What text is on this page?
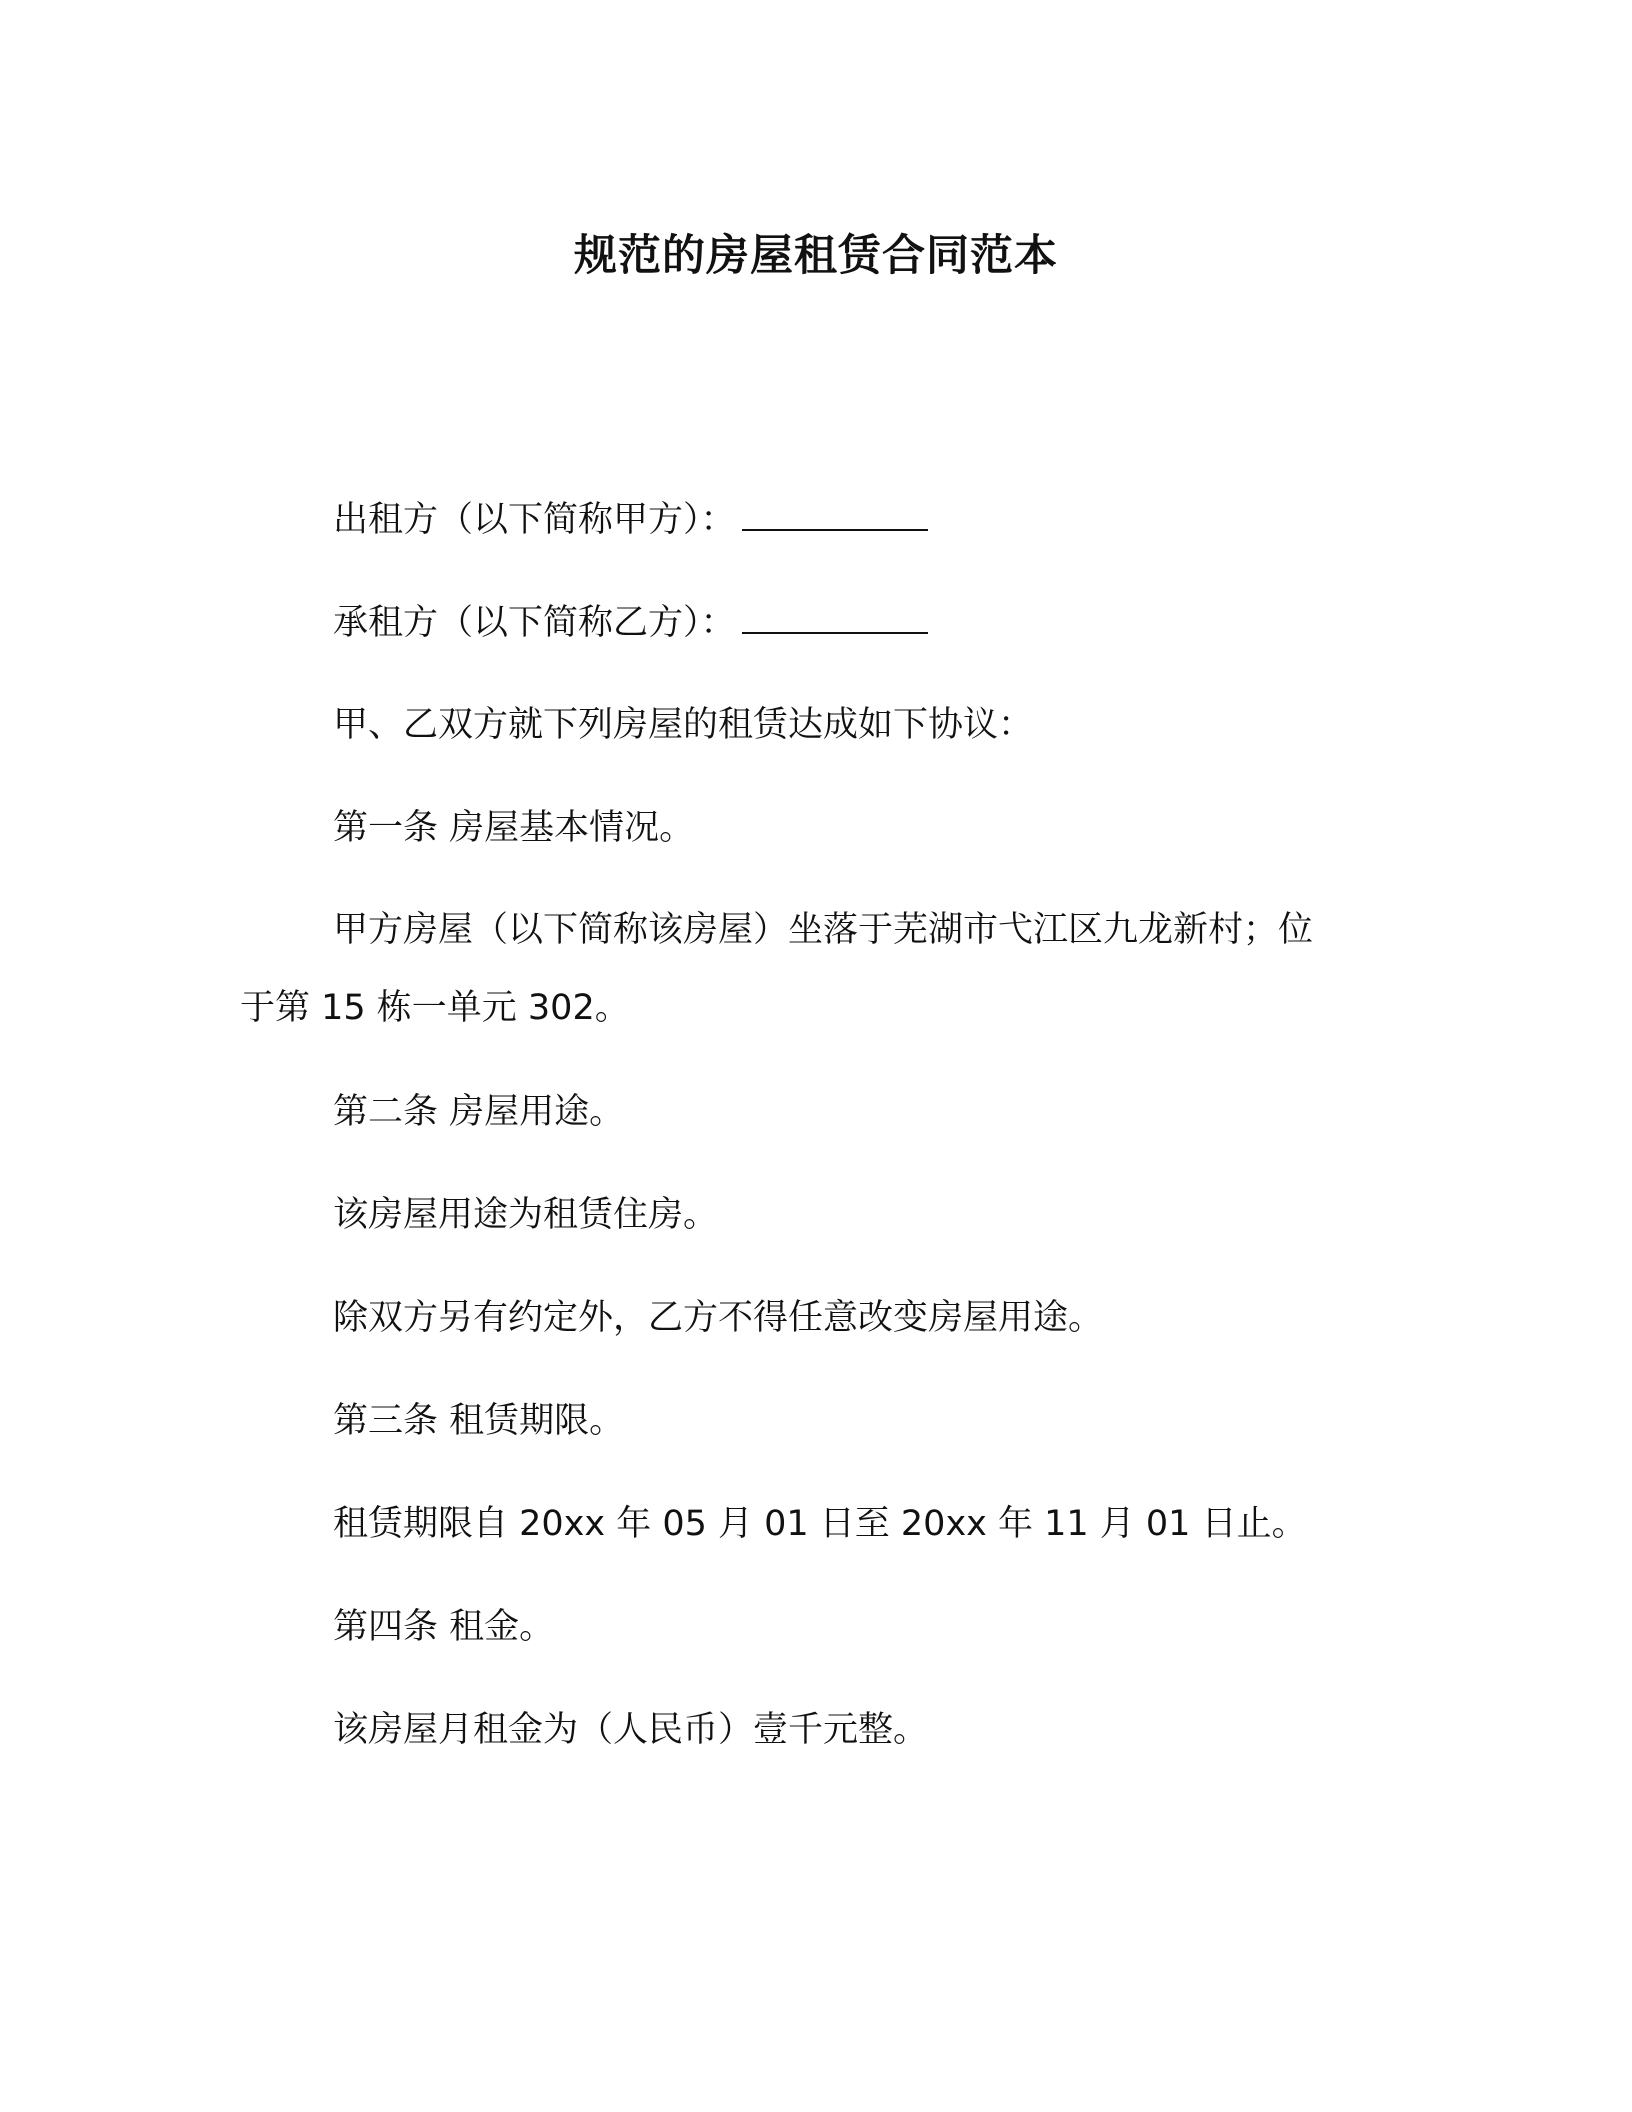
规范的房屋租赁合同范本
出租方（以下简称甲方）：
承租方（以下简称乙方）：
甲、乙双方就下列房屋的租赁达成如下协议：
第一条 房屋基本情况。
甲方房屋（以下简称该房屋）坐落于芜湖市弋江区九龙新村；位
于第 15 栋一单元 302。
第二条 房屋用途。
该房屋用途为租赁住房。
除双方另有约定外，乙方不得任意改变房屋用途。
第三条 租赁期限。
租赁期限自 20xx 年 05 月 01 日至 20xx 年 11 月 01 日止。
第四条 租金。
该房屋月租金为（人民币）壹千元整。
